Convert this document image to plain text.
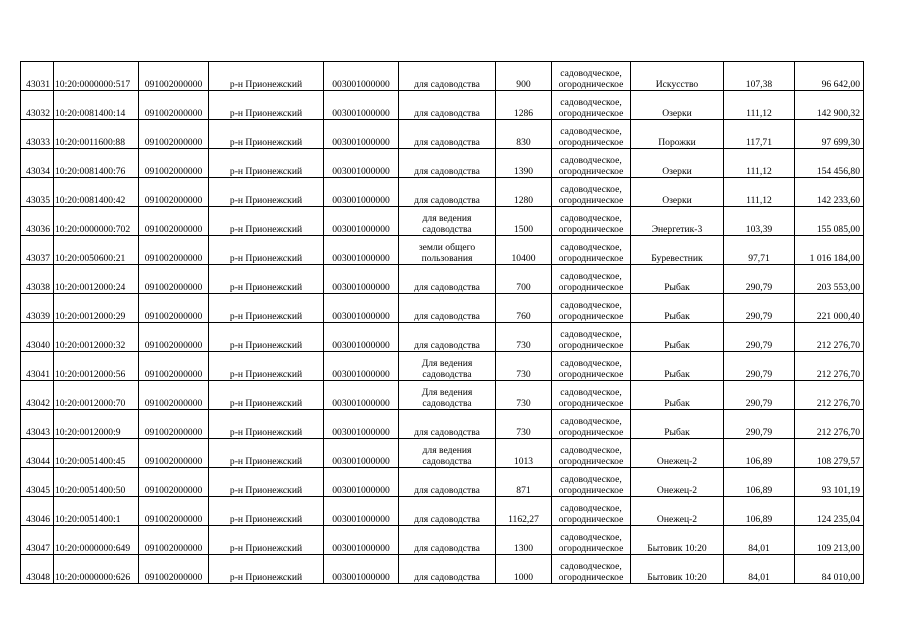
43031	10:20:0000000:517	091002000000	р-н Прионежский	003001000000	для садоводства	900	садоводческое, огородническое	Искусство	107,38	96 642,00
43032	10:20:0081400:14	091002000000	р-н Прионежский	003001000000	для садоводства	1286	садоводческое, огородническое	Озерки	111,12	142 900,32
43033	10:20:0011600:88	091002000000	р-н Прионежский	003001000000	для садоводства	830	садоводческое, огородническое	Порожки	117,71	97 699,30
43034	10:20:0081400:76	091002000000	р-н Прионежский	003001000000	для садоводства	1390	садоводческое, огородническое	Озерки	111,12	154 456,80
43035	10:20:0081400:42	091002000000	р-н Прионежский	003001000000	для садоводства	1280	садоводческое, огородническое	Озерки	111,12	142 233,60
43036	10:20:0000000:702	091002000000	р-н Прионежский	003001000000	для ведения садоводства	1500	садоводческое, огородническое	Энергетик-3	103,39	155 085,00
43037	10:20:0050600:21	091002000000	р-н Прионежский	003001000000	земли общего пользования	10400	садоводческое, огородническое	Буревестник	97,71	1 016 184,00
43038	10:20:0012000:24	091002000000	р-н Прионежский	003001000000	для садоводства	700	садоводческое, огородническое	Рыбак	290,79	203 553,00
43039	10:20:0012000:29	091002000000	р-н Прионежский	003001000000	для садоводства	760	садоводческое, огородническое	Рыбак	290,79	221 000,40
43040	10:20:0012000:32	091002000000	р-н Прионежский	003001000000	для садоводства	730	садоводческое, огородническое	Рыбак	290,79	212 276,70
43041	10:20:0012000:56	091002000000	р-н Прионежский	003001000000	Для ведения садоводства	730	садоводческое, огородническое	Рыбак	290,79	212 276,70
43042	10:20:0012000:70	091002000000	р-н Прионежский	003001000000	Для ведения садоводства	730	садоводческое, огородническое	Рыбак	290,79	212 276,70
43043	10:20:0012000:9	091002000000	р-н Прионежский	003001000000	для садоводства	730	садоводческое, огородническое	Рыбак	290,79	212 276,70
43044	10:20:0051400:45	091002000000	р-н Прионежский	003001000000	для ведения садоводства	1013	садоводческое, огородническое	Онежец-2	106,89	108 279,57
43045	10:20:0051400:50	091002000000	р-н Прионежский	003001000000	для садоводства	871	садоводческое, огородническое	Онежец-2	106,89	93 101,19
43046	10:20:0051400:1	091002000000	р-н Прионежский	003001000000	для садоводства	1162,27	садоводческое, огородническое	Онежец-2	106,89	124 235,04
43047	10:20:0000000:649	091002000000	р-н Прионежский	003001000000	для садоводства	1300	садоводческое, огородническое	Бытовик 10:20	84,01	109 213,00
43048	10:20:0000000:626	091002000000	р-н Прионежский	003001000000	для садоводства	1000	садоводческое, огородническое	Бытовик 10:20	84,01	84 010,00
